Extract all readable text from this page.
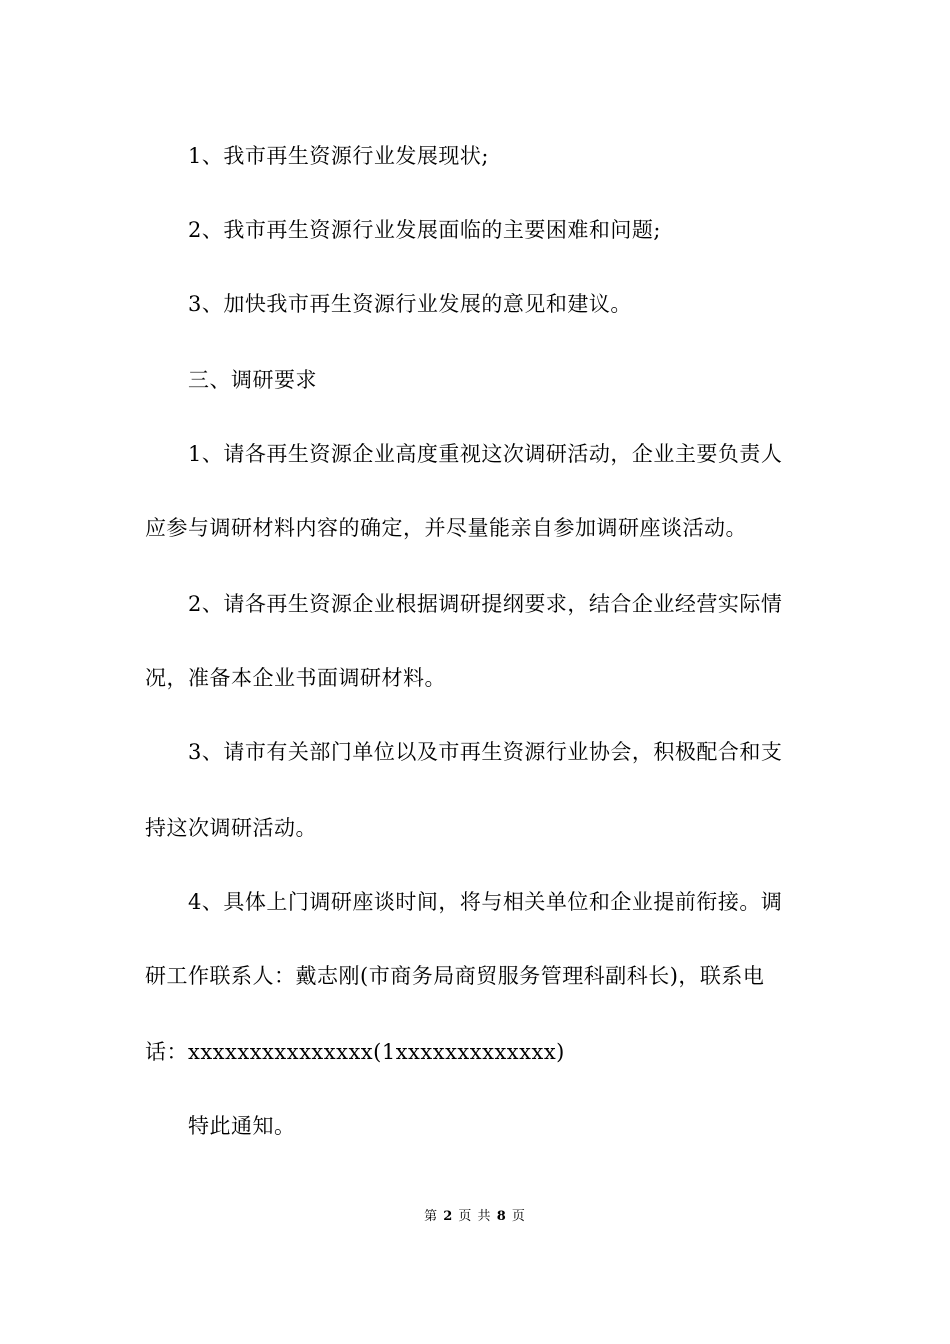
1、我市再生资源行业发展现状;
2、我市再生资源行业发展面临的主要困难和问题;
3、加快我市再生资源行业发展的意见和建议。
三、调研要求
1、请各再生资源企业高度重视这次调研活动，企业主要负责人
应参与调研材料内容的确定，并尽量能亲自参加调研座谈活动。
2、请各再生资源企业根据调研提纲要求，结合企业经营实际情
况，准备本企业书面调研材料。
3、请市有关部门单位以及市再生资源行业协会，积极配合和支
持这次调研活动。
4、具体上门调研座谈时间，将与相关单位和企业提前衔接。调
研工作联系人：戴志刚(市商务局商贸服务管理科副科长)，联系电
话：xxxxxxxxxxxxxxx(1xxxxxxxxxxxxx)
特此通知。
第 2 页 共 8 页
